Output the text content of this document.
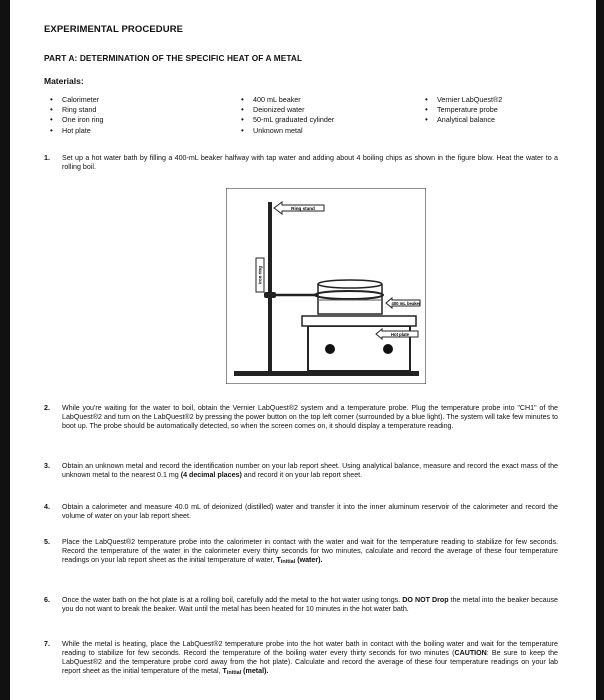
EXPERIMENTAL PROCEDURE
PART A: DETERMINATION OF THE SPECIFIC HEAT OF A METAL
Materials:
• Calorimeter
• Ring stand
• One iron ring
• Hot plate
• 400 mL beaker
• Deionized water
• 50-mL graduated cylinder
• Unknown metal
• Vernier LabQuest®2
• Temperature probe
• Analytical balance
1. Set up a hot water bath by filling a 400-mL beaker halfway with tap water and adding about 4 boiling chips as shown in the figure blow. Heat the water to a rolling boil.
Ring stand
Iron ring
400 mL beaker
Hot plate
2. While you're waiting for the water to boil, obtain the Vernier LabQuest®2 system and a temperature probe. Plug the temperature probe into "CH1" of the LabQuest®2 and turn on the LabQuest®2 by pressing the power button on the top left corner (surrounded by a blue light). The system will take few minutes to boot up. The probe should be automatically detected, so when the screen comes on, it should display a temperature reading.
3. Obtain an unknown metal and record the identification number on your lab report sheet. Using analytical balance, measure and record the exact mass of the unknown metal to the nearest 0.1 mg (4 decimal places) and record it on your lab report sheet.
4. Obtain a calorimeter and measure 40.0 mL of deionized (distilled) water and transfer it into the inner aluminum reservoir of the calorimeter and record the volume of water on your lab report sheet.
5. Place the LabQuest®2 temperature probe into the calorimeter in contact with the water and wait for the temperature reading to stabilize for few seconds. Record the temperature of the water in the calorimeter every thirty seconds for two minutes, calculate and record the average of these four temperature readings on your lab report sheet as the initial temperature of water, Tinitial (water).
6. Once the water bath on the hot plate is at a rolling boil, carefully add the metal to the hot water using tongs. DO NOT Drop the metal into the beaker because you do not want to break the beaker. Wait until the metal has been heated for 10 minutes in the hot water bath.
7. While the metal is heating, place the LabQuest®2 temperature probe into the hot water bath in contact with the boiling water and wait for the temperature reading to stabilize for few seconds. Record the temperature of the boiling water every thirty seconds for two minutes (CAUTION: Be sure to keep the LabQuest®2 and the temperature probe cord away from the hot plate). Calculate and record the average of these four temperature readings on your lab report sheet as the initial temperature of the metal, Tinitial (metal).
